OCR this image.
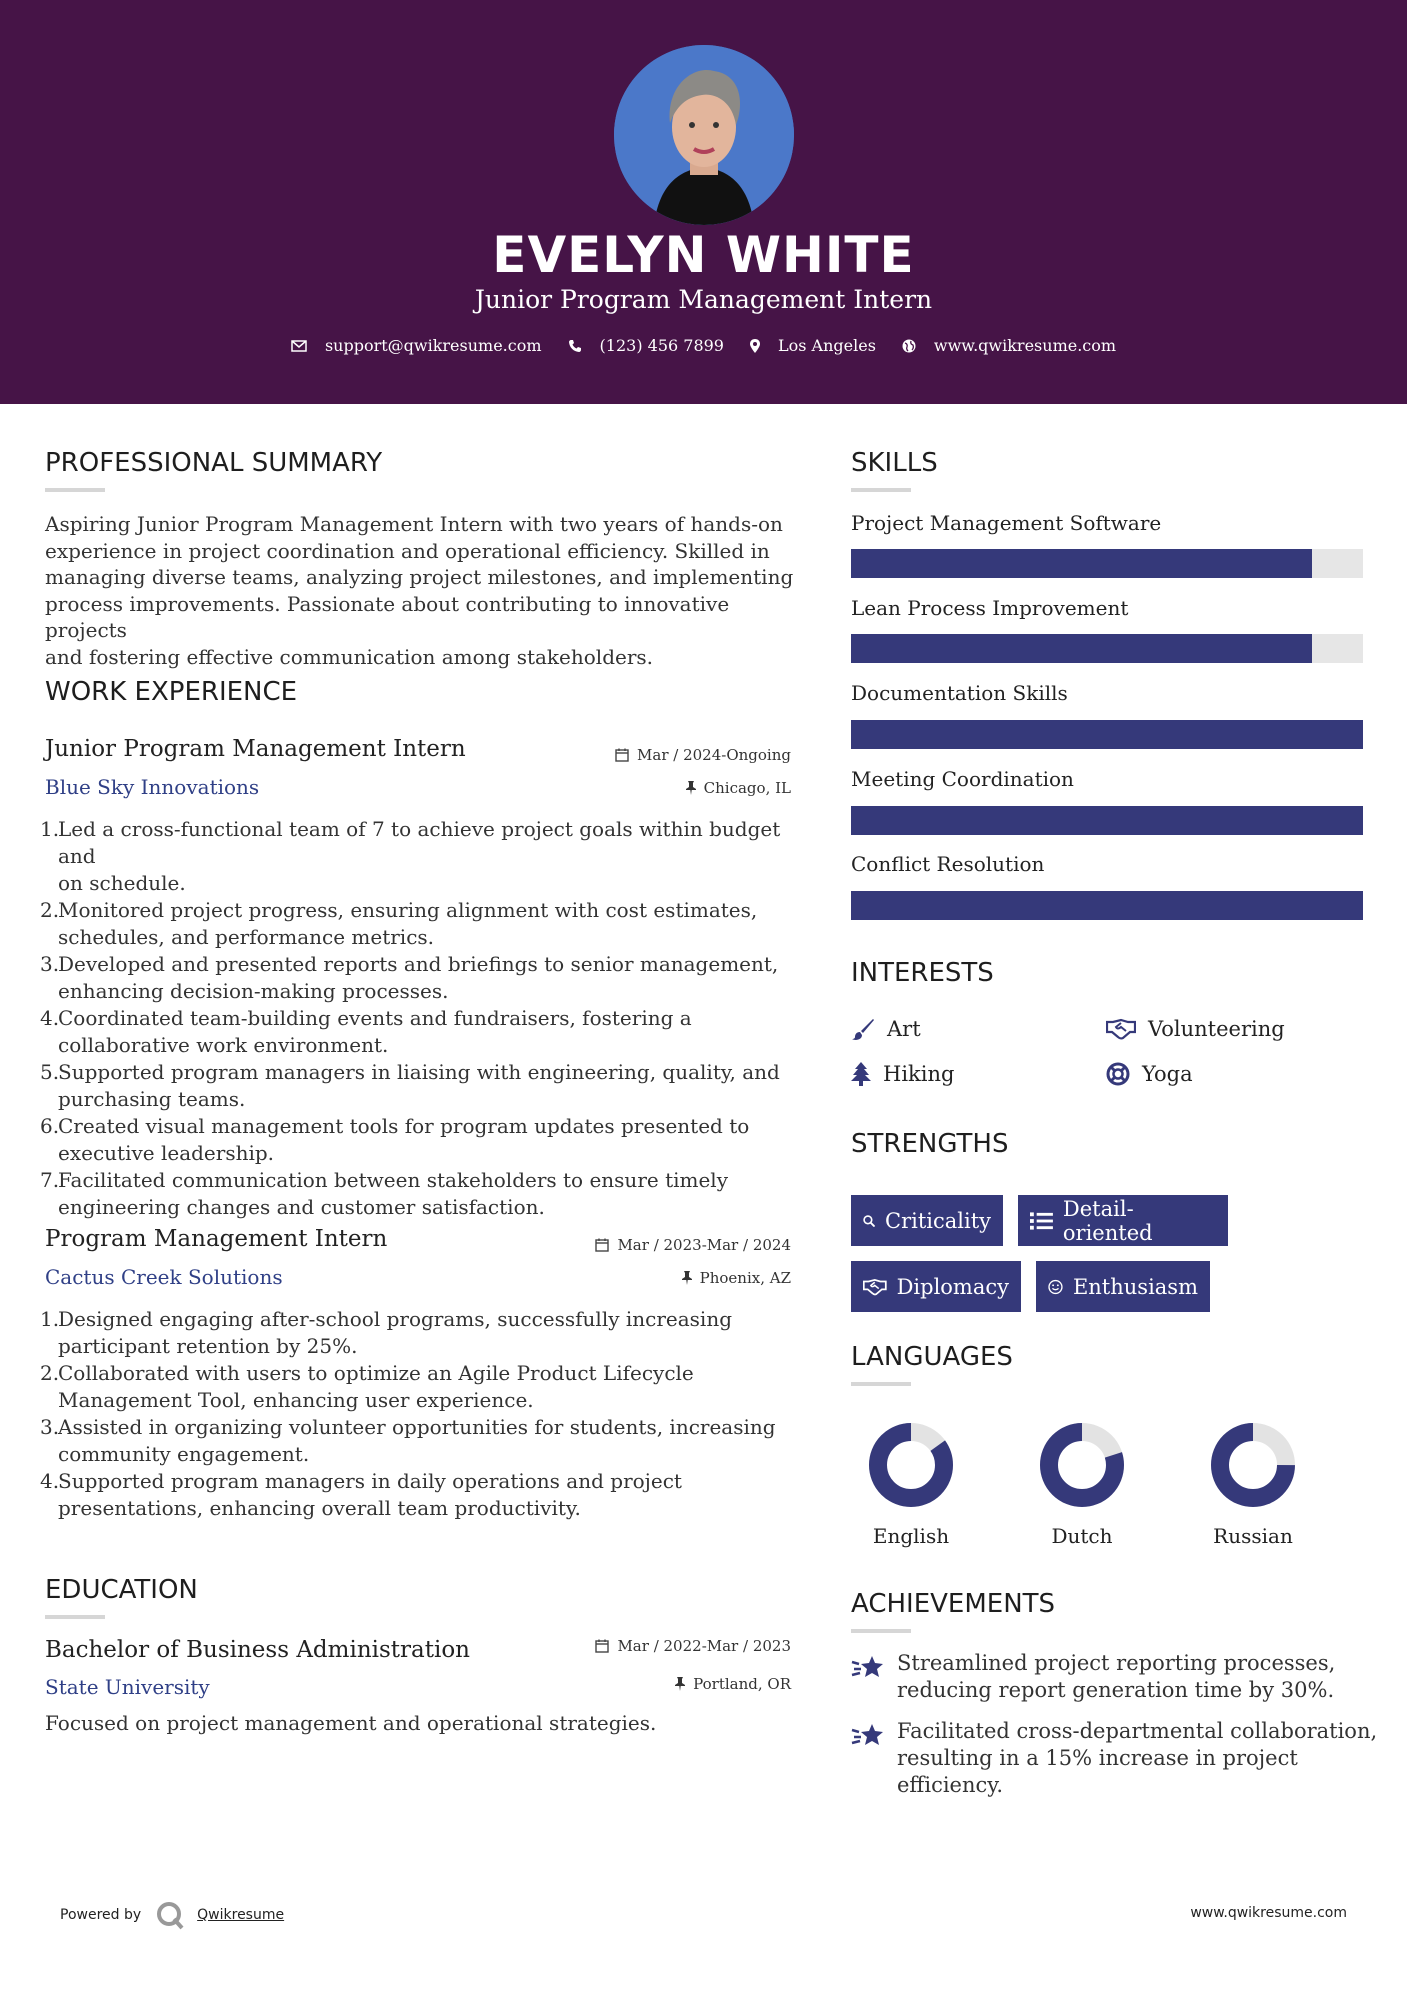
EVELYN WHITE
Junior Program Management Intern
support@qwikresume.com	(123) 456 7899	Los Angeles	www.qwikresume.com
PROFESSIONAL SUMMARY
Aspiring Junior Program Management Intern with two years of hands-on
experience in project coordination and operational efficiency. Skilled in
managing diverse teams, analyzing project milestones, and implementing
process improvements. Passionate about contributing to innovative projects
and fostering effective communication among stakeholders.
WORK EXPERIENCE
Junior Program Management Intern	Mar / 2024-Ongoing
Blue Sky Innovations	Chicago, IL
1.
Led a cross-functional team of 7 to achieve project goals within budget and
on schedule.
2.
Monitored project progress, ensuring alignment with cost estimates,
schedules, and performance metrics.
3.
Developed and presented reports and briefings to senior management,
enhancing decision-making processes.
4.
Coordinated team-building events and fundraisers, fostering a
collaborative work environment.
5.
Supported program managers in liaising with engineering, quality, and
purchasing teams.
6.
Created visual management tools for program updates presented to
executive leadership.
7.
Facilitated communication between stakeholders to ensure timely
engineering changes and customer satisfaction.
Program Management Intern	Mar / 2023-Mar / 2024
Cactus Creek Solutions	Phoenix, AZ
1.
Designed engaging after-school programs, successfully increasing
participant retention by 25%.
2.
Collaborated with users to optimize an Agile Product Lifecycle
Management Tool, enhancing user experience.
3.
Assisted in organizing volunteer opportunities for students, increasing
community engagement.
4.
Supported program managers in daily operations and project
presentations, enhancing overall team productivity.
EDUCATION
Bachelor of Business Administration	Mar / 2022-Mar / 2023
State University	Portland, OR
Focused on project management and operational strategies.
SKILLS
Project Management Software
Lean Process Improvement
Documentation Skills
Meeting Coordination
Conflict Resolution
INTERESTS
Art	Volunteering
Hiking	Yoga
STRENGTHS
Criticality	Detail-oriented
Diplomacy	Enthusiasm
LANGUAGES
English	Dutch	Russian
ACHIEVEMENTS
Streamlined project reporting processes,
reducing report generation time by 30%.
Facilitated cross-departmental collaboration,
resulting in a 15% increase in project efficiency.
Powered by	Qwikresume	www.qwikresume.com
